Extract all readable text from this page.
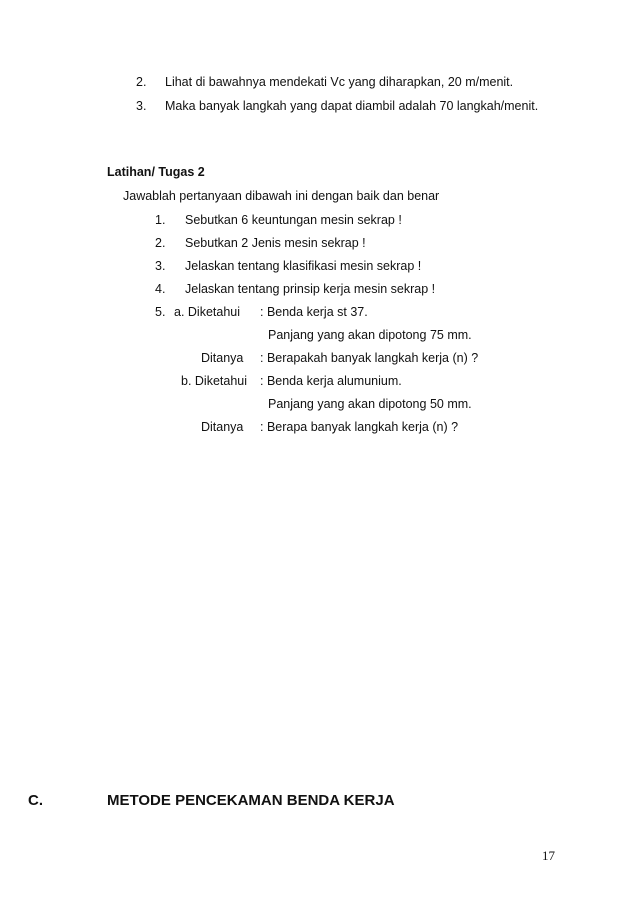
2. Lihat di bawahnya mendekati Vc yang diharapkan, 20 m/menit.
3. Maka banyak langkah yang dapat diambil adalah 70 langkah/menit.
Latihan/ Tugas 2
Jawablah pertanyaan dibawah ini dengan baik dan benar
1. Sebutkan 6 keuntungan mesin sekrap !
2. Sebutkan 2 Jenis mesin sekrap !
3. Jelaskan tentang klasifikasi mesin sekrap !
4. Jelaskan tentang prinsip kerja mesin sekrap !
5. a. Diketahui : Benda kerja st 37.
Panjang yang akan dipotong 75 mm.
Ditanya : Berapakah banyak langkah kerja (n) ?
b. Diketahui : Benda kerja alumunium.
Panjang yang akan dipotong 50 mm.
Ditanya : Berapa banyak langkah kerja (n) ?
C.	METODE PENCEKAMAN BENDA KERJA
17
